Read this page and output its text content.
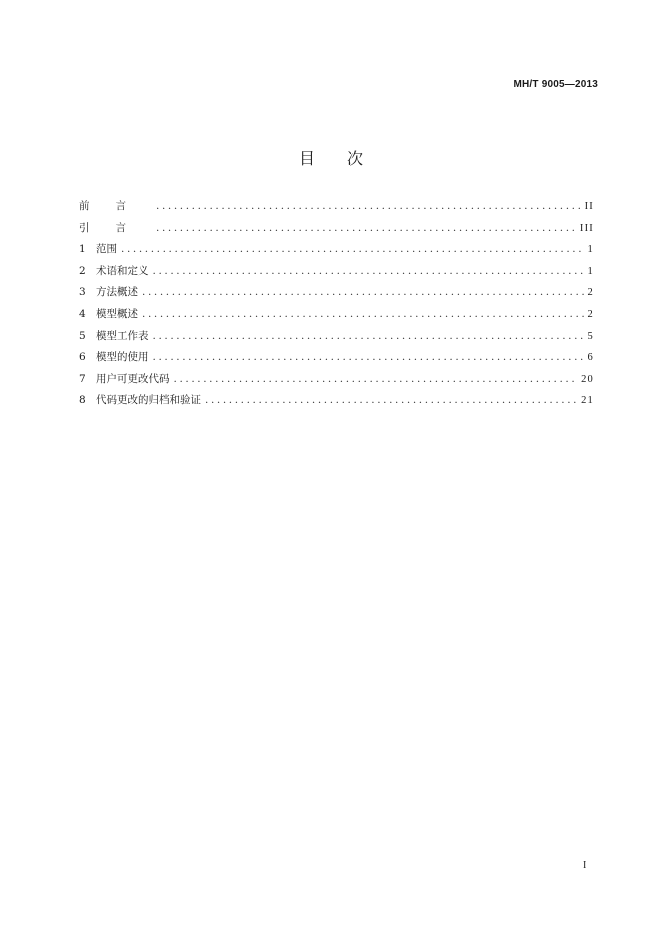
MH/T 9005—2013
目 次
前言 .....	II
引言 .....	III
1 范围 .....	1
2 术语和定义 .....	1
3 方法概述 .....	2
4 模型概述 .....	2
5 模型工作表 .....	5
6 模型的使用 .....	6
7 用户可更改代码 .....	20
8 代码更改的归档和验证 .....	21
I
